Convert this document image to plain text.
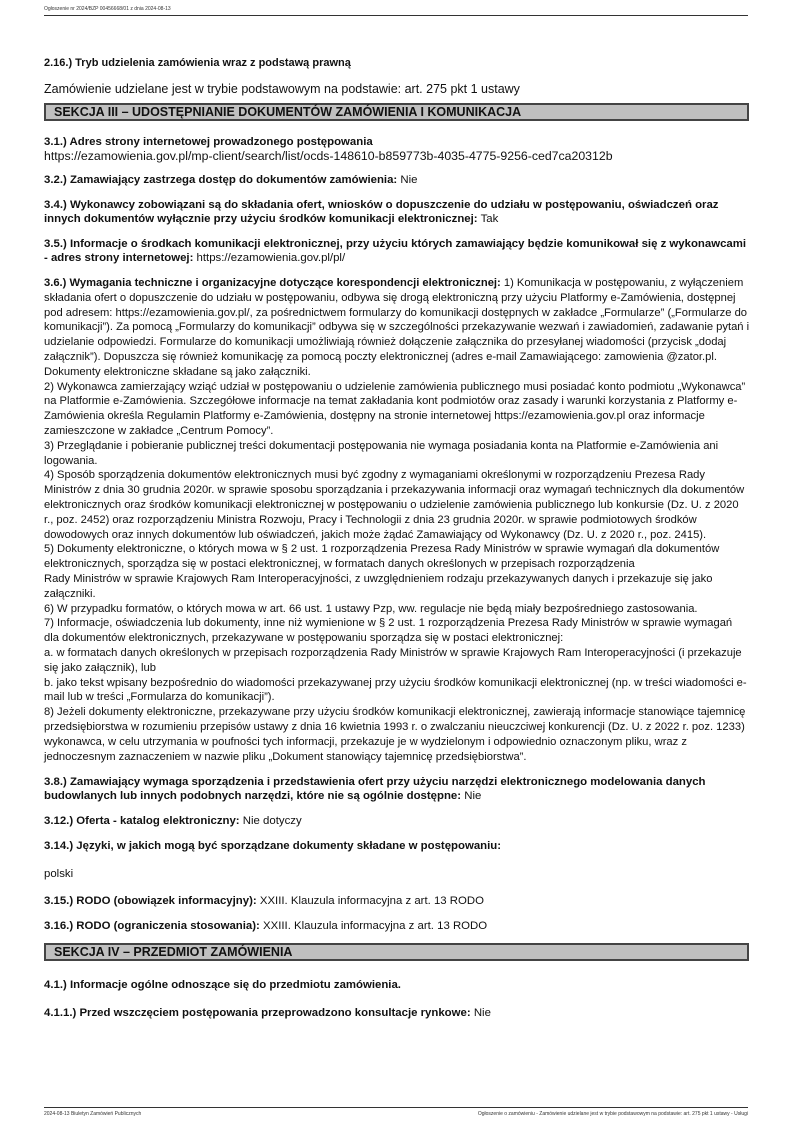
Ogłoszenie nr 2024/BZP 00456668/01 z dnia 2024-08-13
2.16.) Tryb udzielenia zamówienia wraz z podstawą prawną
Zamówienie udzielane jest w trybie podstawowym na podstawie: art. 275 pkt 1 ustawy
SEKCJA III – UDOSTĘPNIANIE DOKUMENTÓW ZAMÓWIENIA I KOMUNIKACJA
3.1.) Adres strony internetowej prowadzonego postępowania
https://ezamowienia.gov.pl/mp-client/search/list/ocds-148610-b859773b-4035-4775-9256-ced7ca20312b
3.2.) Zamawiający zastrzega dostęp do dokumentów zamówienia: Nie
3.4.) Wykonawcy zobowiązani są do składania ofert, wniosków o dopuszczenie do udziału w postępowaniu, oświadczeń oraz innych dokumentów wyłącznie przy użyciu środków komunikacji elektronicznej: Tak
3.5.) Informacje o środkach komunikacji elektronicznej, przy użyciu których zamawiający będzie komunikował się z wykonawcami - adres strony internetowej: https://ezamowienia.gov.pl/pl/
3.6.) Wymagania techniczne i organizacyjne dotyczące korespondencji elektronicznej: 1) Komunikacja w postępowaniu, z wyłączeniem składania ofert o dopuszczenie do udziału w postępowaniu, odbywa się drogą elektroniczną przy użyciu Platformy e-Zamówienia, dostępnej pod adresem: https://ezamowienia.gov.pl/, za pośrednictwem formularzy do komunikacji dostępnych w zakładce „Formularze” („Formularze do komunikacji”). Za pomocą „Formularzy do komunikacji” odbywa się w szczególności przekazywanie wezwań i zawiadomień, zadawanie pytań i udzielanie odpowiedzi. Formularze do komunikacji umożliwiają również dołączenie załącznika do przesyłanej wiadomości (przycisk „dodaj załącznik”). Dopuszcza się również komunikację za pomocą poczty elektronicznej (adres e-mail Zamawiającego: zamowienia @zator.pl. Dokumenty elektroniczne składane są jako załączniki.
2) Wykonawca zamierzający wziąć udział w postępowaniu o udzielenie zamówienia publicznego musi posiadać konto podmiotu „Wykonawca” na Platformie e-Zamówienia. Szczegółowe informacje na temat zakładania kont podmiotów oraz zasady i warunki korzystania z Platformy e-Zamówienia określa Regulamin Platformy e-Zamówienia, dostępny na stronie internetowej https://ezamowienia.gov.pl oraz informacje zamieszczone w zakładce „Centrum Pomocy”.
3) Przeglądanie i pobieranie publicznej treści dokumentacji postępowania nie wymaga posiadania konta na Platformie e-Zamówienia ani logowania.
4) Sposób sporządzenia dokumentów elektronicznych musi być zgodny z wymaganiami określonymi w rozporządzeniu Prezesa Rady Ministrów z dnia 30 grudnia 2020r. w sprawie sposobu sporządzania i przekazywania informacji oraz wymagań technicznych dla dokumentów elektronicznych oraz środków komunikacji elektronicznej w postępowaniu o udzielenie zamówienia publicznego lub konkursie (Dz. U. z 2020 r., poz. 2452) oraz rozporządzeniu Ministra Rozwoju, Pracy i Technologii z dnia 23 grudnia 2020r. w sprawie podmiotowych środków dowodowych oraz innych dokumentów lub oświadczeń, jakich może żądać Zamawiający od Wykonawcy (Dz. U. z 2020 r., poz. 2415).
5) Dokumenty elektroniczne, o których mowa w § 2 ust. 1 rozporządzenia Prezesa Rady Ministrów w sprawie wymagań dla dokumentów elektronicznych, sporządza się w postaci elektronicznej, w formatach danych określonych w przepisach rozporządzenia
Rady Ministrów w sprawie Krajowych Ram Interoperacyjności, z uwzględnieniem rodzaju przekazywanych danych i przekazuje się jako załączniki.
6) W przypadku formatów, o których mowa w art. 66 ust. 1 ustawy Pzp, ww. regulacje nie będą miały bezpośredniego zastosowania.
7) Informacje, oświadczenia lub dokumenty, inne niż wymienione w § 2 ust. 1 rozporządzenia Prezesa Rady Ministrów w sprawie wymagań dla dokumentów elektronicznych, przekazywane w postępowaniu sporządza się w postaci elektronicznej:
a. w formatach danych określonych w przepisach rozporządzenia Rady Ministrów w sprawie Krajowych Ram Interoperacyjności (i przekazuje się jako załącznik), lub
b. jako tekst wpisany bezpośrednio do wiadomości przekazywanej przy użyciu środków komunikacji elektronicznej (np. w treści wiadomości e-mail lub w treści „Formularza do komunikacji”).
8) Jeżeli dokumenty elektroniczne, przekazywane przy użyciu środków komunikacji elektronicznej, zawierają informacje stanowiące tajemnicę przedsiębiorstwa w rozumieniu przepisów ustawy z dnia 16 kwietnia 1993 r. o zwalczaniu nieuczciwej konkurencji (Dz. U. z 2022 r. poz. 1233) wykonawca, w celu utrzymania w poufności tych informacji, przekazuje je w wydzielonym i odpowiednio oznaczonym pliku, wraz z jednoczesnym zaznaczeniem w nazwie pliku „Dokument stanowiący tajemnicę przedsiębiorstwa”.
3.8.) Zamawiający wymaga sporządzenia i przedstawienia ofert przy użyciu narzędzi elektronicznego modelowania danych budowlanych lub innych podobnych narzędzi, które nie są ogólnie dostępne: Nie
3.12.) Oferta - katalog elektroniczny: Nie dotyczy
3.14.) Języki, w jakich mogą być sporządzane dokumenty składane w postępowaniu:
polski
3.15.) RODO (obowiązek informacyjny): XXIII. Klauzula informacyjna z art. 13 RODO
3.16.) RODO (ograniczenia stosowania): XXIII. Klauzula informacyjna z art. 13 RODO
SEKCJA IV – PRZEDMIOT ZAMÓWIENIA
4.1.) Informacje ogólne odnoszące się do przedmiotu zamówienia.
4.1.1.) Przed wszczęciem postępowania przeprowadzono konsultacje rynkowe: Nie
2024-08-13 Biuletyn Zamówień Publicznych	Ogłoszenie o zamówieniu - Zamówienie udzielane jest w trybie podstawowym na podstawie: art. 275 pkt 1 ustawy - Usługi
